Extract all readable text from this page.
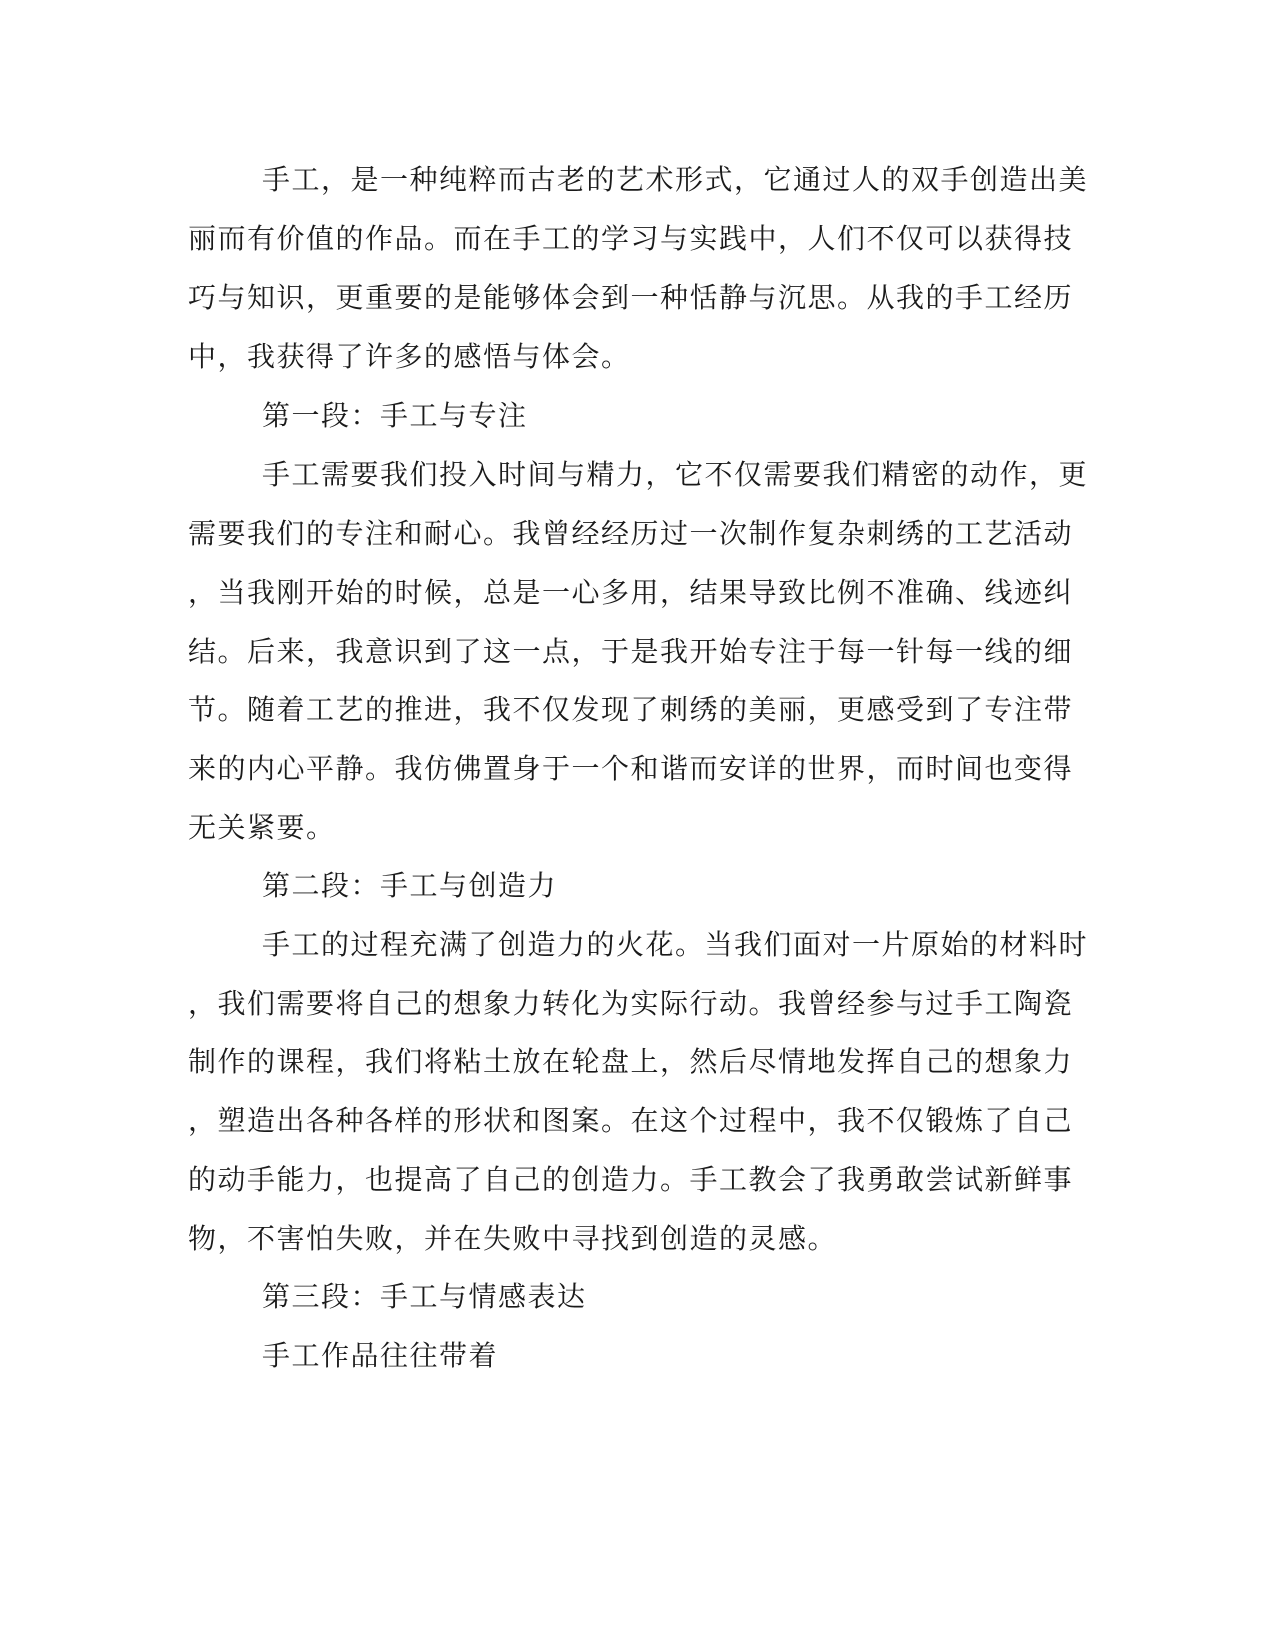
手工，是一种纯粹而古老的艺术形式，它通过人的双手创造出美

丽而有价值的作品。而在手工的学习与实践中，人们不仅可以获得技

巧与知识，更重要的是能够体会到一种恬静与沉思。从我的手工经历

中，我获得了许多的感悟与体会。

第一段：手工与专注

手工需要我们投入时间与精力，它不仅需要我们精密的动作，更

需要我们的专注和耐心。我曾经经历过一次制作复杂刺绣的工艺活动

，当我刚开始的时候，总是一心多用，结果导致比例不准确、线迹纠

结。后来，我意识到了这一点，于是我开始专注于每一针每一线的细

节。随着工艺的推进，我不仅发现了刺绣的美丽，更感受到了专注带

来的内心平静。我仿佛置身于一个和谐而安详的世界，而时间也变得

无关紧要。

第二段：手工与创造力

手工的过程充满了创造力的火花。当我们面对一片原始的材料时

，我们需要将自己的想象力转化为实际行动。我曾经参与过手工陶瓷

制作的课程，我们将粘土放在轮盘上，然后尽情地发挥自己的想象力

，塑造出各种各样的形状和图案。在这个过程中，我不仅锻炼了自己

的动手能力，也提高了自己的创造力。手工教会了我勇敢尝试新鲜事

物，不害怕失败，并在失败中寻找到创造的灵感。

第三段：手工与情感表达

手工作品往往带着
